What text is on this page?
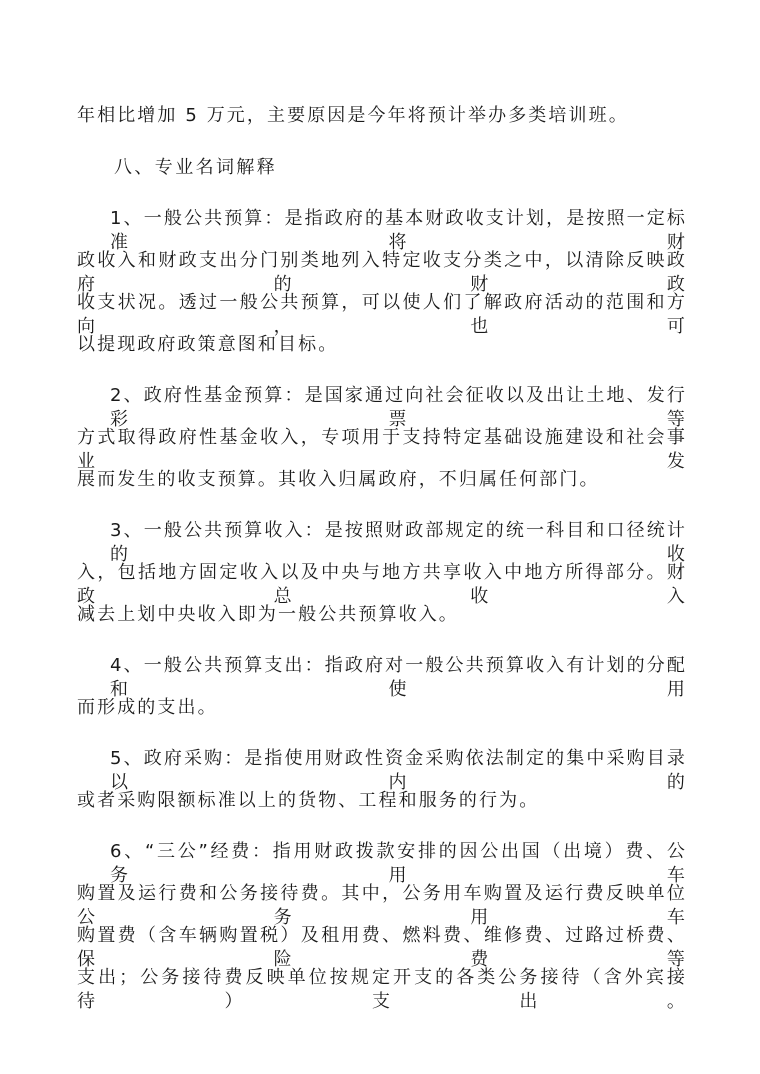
年相比增加 5 万元，主要原因是今年将预计举办多类培训班。
八、专业名词解释
1、一般公共预算：是指政府的基本财政收支计划，是按照一定标准将财
政收入和财政支出分门别类地列入特定收支分类之中，以清除反映政府的财政
收支状况。透过一般公共预算，可以使人们了解政府活动的范围和方向，也可
以提现政府政策意图和目标。
2、政府性基金预算：是国家通过向社会征收以及出让土地、发行彩票等
方式取得政府性基金收入，专项用于支持特定基础设施建设和社会事业发
展而发生的收支预算。其收入归属政府，不归属任何部门。
3、一般公共预算收入：是按照财政部规定的统一科目和口径统计的收
入，包括地方固定收入以及中央与地方共享收入中地方所得部分。财政总收入
减去上划中央收入即为一般公共预算收入。
4、一般公共预算支出：指政府对一般公共预算收入有计划的分配和使用
而形成的支出。
5、政府采购：是指使用财政性资金采购依法制定的集中采购目录以内的
或者采购限额标准以上的货物、工程和服务的行为。
6、“三公”经费：指用财政拨款安排的因公出国（出境）费、公务用车
购置及运行费和公务接待费。其中，公务用车购置及运行费反映单位公务用车
购置费（含车辆购置税）及租用费、燃料费、维修费、过路过桥费、保险费等
支出；公务接待费反映单位按规定开支的各类公务接待（含外宾接待）支出。
